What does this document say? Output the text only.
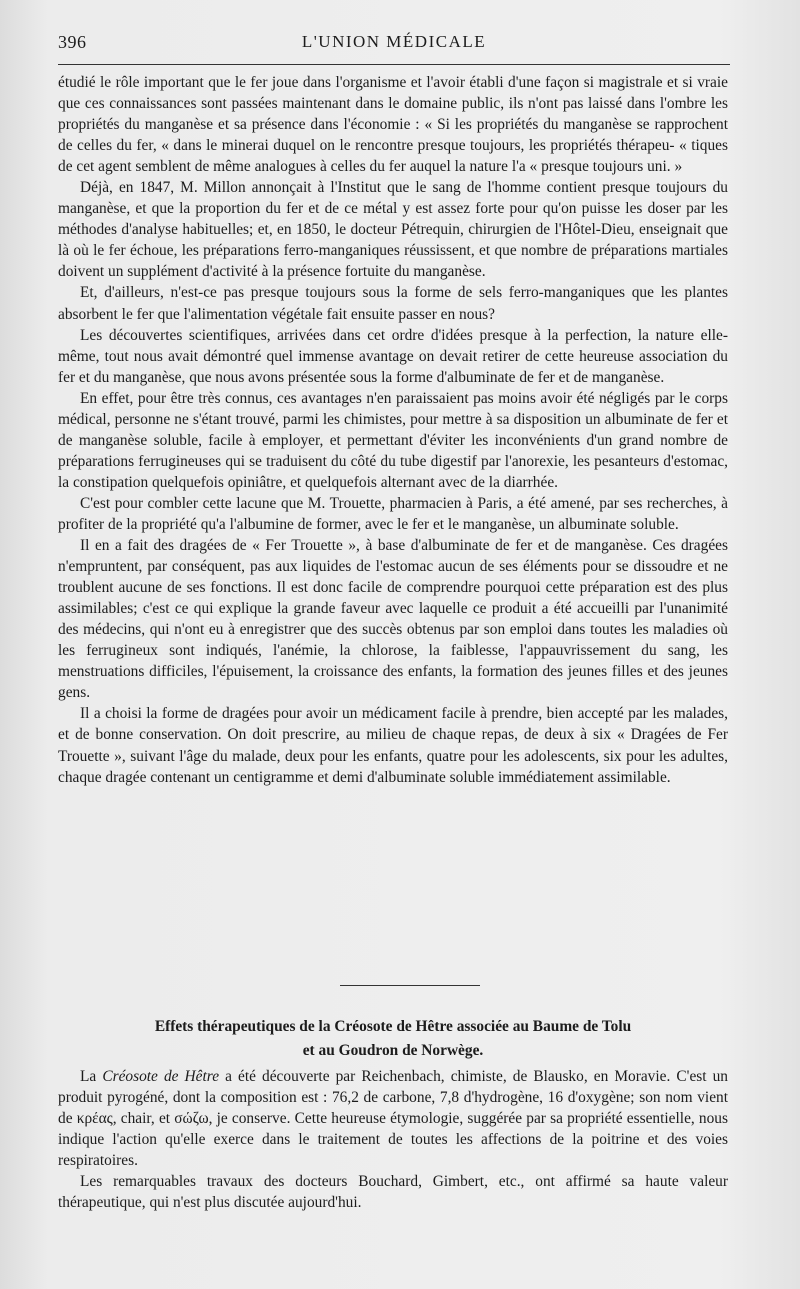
396	L'UNION MÉDICALE

étudié le rôle important que le fer joue dans l'organisme et l'avoir établi d'une façon si magistrale et si vraie que ces connaissances sont passées maintenant dans le domaine public, ils n'ont pas laissé dans l'ombre les propriétés du manganèse et sa présence dans l'économie : « Si les propriétés du manganèse se rapprochent de celles du fer, « dans le minerai duquel on le rencontre presque toujours, les propriétés thérapeu- « tiques de cet agent semblent de même analogues à celles du fer auquel la nature l'a « presque toujours uni. »

Déjà, en 1847, M. Millon annonçait à l'Institut que le sang de l'homme contient presque toujours du manganèse, et que la proportion du fer et de ce métal y est assez forte pour qu'on puisse les doser par les méthodes d'analyse habituelles; et, en 1850, le docteur Pétrequin, chirurgien de l'Hôtel-Dieu, enseignait que là où le fer échoue, les préparations ferro-manganiques réussissent, et que nombre de préparations martiales doivent un supplément d'activité à la présence fortuite du manganèse.

Et, d'ailleurs, n'est-ce pas presque toujours sous la forme de sels ferro-manganiques que les plantes absorbent le fer que l'alimentation végétale fait ensuite passer en nous?

Les découvertes scientifiques, arrivées dans cet ordre d'idées presque à la perfection, la nature elle-même, tout nous avait démontré quel immense avantage on devait retirer de cette heureuse association du fer et du manganèse, que nous avons présentée sous la forme d'albuminate de fer et de manganèse.

En effet, pour être très connus, ces avantages n'en paraissaient pas moins avoir été négligés par le corps médical, personne ne s'étant trouvé, parmi les chimistes, pour mettre à sa disposition un albuminate de fer et de manganèse soluble, facile à employer, et permettant d'éviter les inconvénients d'un grand nombre de préparations ferrugineuses qui se traduisent du côté du tube digestif par l'anorexie, les pesanteurs d'estomac, la constipation quelquefois opiniâtre, et quelquefois alternant avec de la diarrhée.

C'est pour combler cette lacune que M. Trouette, pharmacien à Paris, a été amené, par ses recherches, à profiter de la propriété qu'a l'albumine de former, avec le fer et le manganèse, un albuminate soluble.

Il en a fait des dragées de « Fer Trouette », à base d'albuminate de fer et de manganèse. Ces dragées n'empruntent, par conséquent, pas aux liquides de l'estomac aucun de ses éléments pour se dissoudre et ne troublent aucune de ses fonctions. Il est donc facile de comprendre pourquoi cette préparation est des plus assimilables; c'est ce qui explique la grande faveur avec laquelle ce produit a été accueilli par l'unanimité des médecins, qui n'ont eu à enregistrer que des succès obtenus par son emploi dans toutes les maladies où les ferrugineux sont indiqués, l'anémie, la chlorose, la faiblesse, l'appauvrissement du sang, les menstruations difficiles, l'épuisement, la croissance des enfants, la formation des jeunes filles et des jeunes gens.

Il a choisi la forme de dragées pour avoir un médicament facile à prendre, bien accepté par les malades, et de bonne conservation. On doit prescrire, au milieu de chaque repas, de deux à six « Dragées de Fer Trouette », suivant l'âge du malade, deux pour les enfants, quatre pour les adolescents, six pour les adultes, chaque dragée contenant un centigramme et demi d'albuminate soluble immédiatement assimilable.

Effets thérapeutiques de la Créosote de Hêtre associée au Baume de Tolu
et au Goudron de Norwège.

La Créosote de Hêtre a été découverte par Reichenbach, chimiste, de Blausko, en Moravie. C'est un produit pyrogéné, dont la composition est : 76,2 de carbone, 7,8 d'hydrogène, 16 d'oxygène; son nom vient de κρέας, chair, et σώζω, je conserve. Cette heureuse étymologie, suggérée par sa propriété essentielle, nous indique l'action qu'elle exerce dans le traitement de toutes les affections de la poitrine et des voies respiratoires.

Les remarquables travaux des docteurs Bouchard, Gimbert, etc., ont affirmé sa haute valeur thérapeutique, qui n'est plus discutée aujourd'hui.
